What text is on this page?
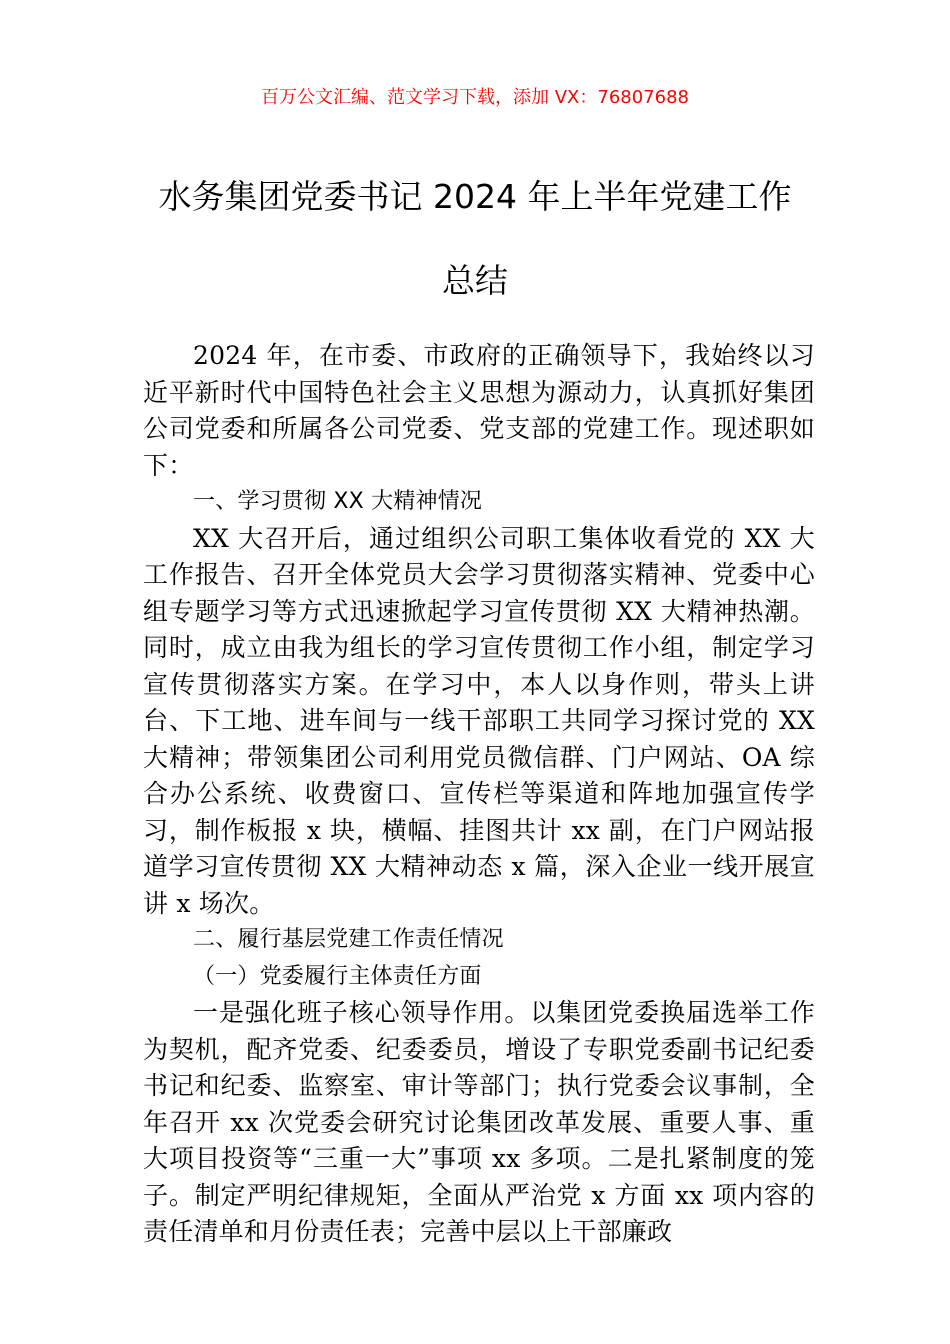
百万公文汇编、范文学习下载，添加 VX：76807688
水务集团党委书记 2024 年上半年党建工作
总结

2024 年，在市委、市政府的正确领导下，我始终以习近平新时代中国特色社会主义思想为源动力，认真抓好集团公司党委和所属各公司党委、党支部的党建工作。现述职如下：

一、学习贯彻 XX 大精神情况

XX 大召开后，通过组织公司职工集体收看党的 XX 大工作报告、召开全体党员大会学习贯彻落实精神、党委中心组专题学习等方式迅速掀起学习宣传贯彻 XX 大精神热潮。同时，成立由我为组长的学习宣传贯彻工作小组，制定学习宣传贯彻落实方案。在学习中，本人以身作则，带头上讲台、下工地、进车间与一线干部职工共同学习探讨党的 XX 大精神；带领集团公司利用党员微信群、门户网站、OA 综合办公系统、收费窗口、宣传栏等渠道和阵地加强宣传学习，制作板报 x 块，横幅、挂图共计 xx 副，在门户网站报道学习宣传贯彻 XX 大精神动态 x 篇，深入企业一线开展宣讲 x 场次。

二、履行基层党建工作责任情况

（一）党委履行主体责任方面

一是强化班子核心领导作用。以集团党委换届选举工作为契机，配齐党委、纪委委员，增设了专职党委副书记纪委书记和纪委、监察室、审计等部门；执行党委会议事制，全年召开 xx 次党委会研究讨论集团改革发展、重要人事、重大项目投资等“三重一大”事项 xx 多项。二是扎紧制度的笼子。制定严明纪律规矩，全面从严治党 x 方面 xx 项内容的责任清单和月份责任表；完善中层以上干部廉政
